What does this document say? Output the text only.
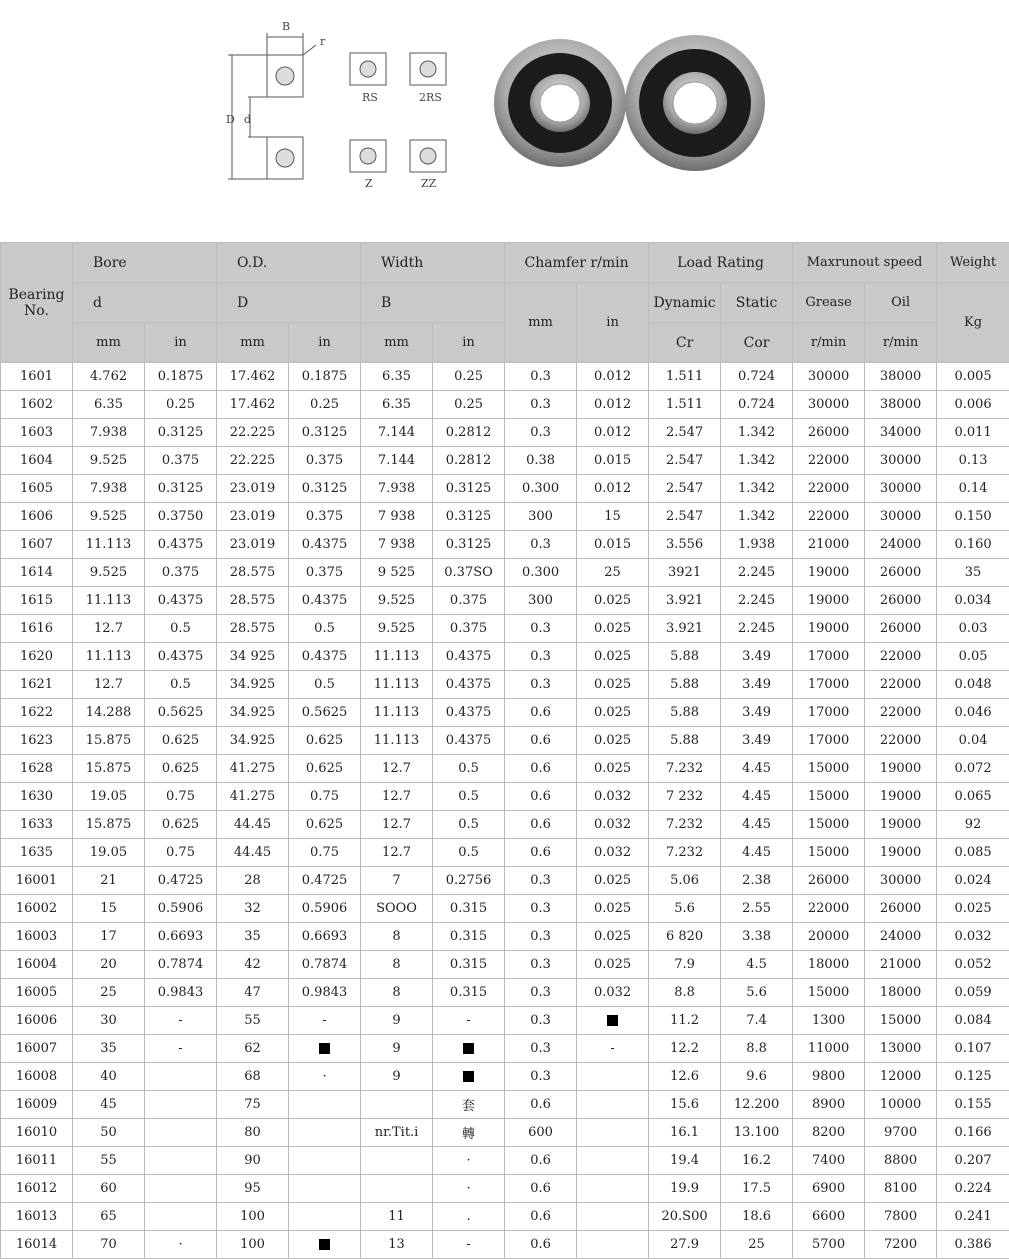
B
r
D d
RS	2RS
Z	ZZ
Bearing
No.	Bore		O.D.		Width		Chamfer r/min		Load Rating		Maxrunout speed		Weight
	d		D		B		mm	in	Dynamic	Static	Grease	Oil	Kg
	mm	in	mm	in	mm	in			Cr	Cor	r/min	r/min	
1601	4.762	0.1875	17.462	0.1875	6.35	0.25	0.3	0.012	1.511	0.724	30000	38000	0.005
1602	6.35	0.25	17.462	0.25	6.35	0.25	0.3	0.012	1.511	0.724	30000	38000	0.006
1603	7.938	0.3125	22.225	0.3125	7.144	0.2812	0.3	0.012	2.547	1.342	26000	34000	0.011
1604	9.525	0.375	22.225	0.375	7.144	0.2812	0.38	0.015	2.547	1.342	22000	30000	0.13
1605	7.938	0.3125	23.019	0.3125	7.938	0.3125	0.300	0.012	2.547	1.342	22000	30000	0.14
1606	9.525	0.3750	23.019	0.375	7 938	0.3125	300	15	2.547	1.342	22000	30000	0.150
1607	11.113	0.4375	23.019	0.4375	7 938	0.3125	0.3	0.015	3.556	1.938	21000	24000	0.160
1614	9.525	0.375	28.575	0.375	9 525	0.37SO	0.300	25	3921	2.245	19000	26000	35
1615	11.113	0.4375	28.575	0.4375	9.525	0.375	300	0.025	3.921	2.245	19000	26000	0.034
1616	12.7	0.5	28.575	0.5	9.525	0.375	0.3	0.025	3.921	2.245	19000	26000	0.03
1620	11.113	0.4375	34 925	0.4375	11.113	0.4375	0.3	0.025	5.88	3.49	17000	22000	0.05
1621	12.7	0.5	34.925	0.5	11.113	0.4375	0.3	0.025	5.88	3.49	17000	22000	0.048
1622	14.288	0.5625	34.925	0.5625	11.113	0.4375	0.6	0.025	5.88	3.49	17000	22000	0.046
1623	15.875	0.625	34.925	0.625	11.113	0.4375	0.6	0.025	5.88	3.49	17000	22000	0.04
1628	15.875	0.625	41.275	0.625	12.7	0.5	0.6	0.025	7.232	4.45	15000	19000	0.072
1630	19.05	0.75	41.275	0.75	12.7	0.5	0.6	0.032	7 232	4.45	15000	19000	0.065
1633	15.875	0.625	44.45	0.625	12.7	0.5	0.6	0.032	7.232	4.45	15000	19000	92
1635	19.05	0.75	44.45	0.75	12.7	0.5	0.6	0.032	7.232	4.45	15000	19000	0.085
16001	21	0.4725	28	0.4725	7	0.2756	0.3	0.025	5.06	2.38	26000	30000	0.024
16002	15	0.5906	32	0.5906	SOOO	0.315	0.3	0.025	5.6	2.55	22000	26000	0.025
16003	17	0.6693	35	0.6693	8	0.315	0.3	0.025	6 820	3.38	20000	24000	0.032
16004	20	0.7874	42	0.7874	8	0.315	0.3	0.025	7.9	4.5	18000	21000	0.052
16005	25	0.9843	47	0.9843	8	0.315	0.3	0.032	8.8	5.6	15000	18000	0.059
16006	30	-	55	-	9	-	0.3		11.2	7.4	1300	15000	0.084
16007	35	-	62		9		0.3	-	12.2	8.8	11000	13000	0.107
16008	40		68	·	9		0.3		12.6	9.6	9800	12000	0.125
16009	45		75			套	0.6		15.6	12.200	8900	10000	0.155
16010	50		80		nr.Tit.i	轉	600		16.1	13.100	8200	9700	0.166
16011	55		90			·	0.6		19.4	16.2	7400	8800	0.207
16012	60		95			·	0.6		19.9	17.5	6900	8100	0.224
16013	65		100		11	.	0.6		20.S00	18.6	6600	7800	0.241
16014	70	·	100		13	-	0.6		27.9	25	5700	7200	0.386
